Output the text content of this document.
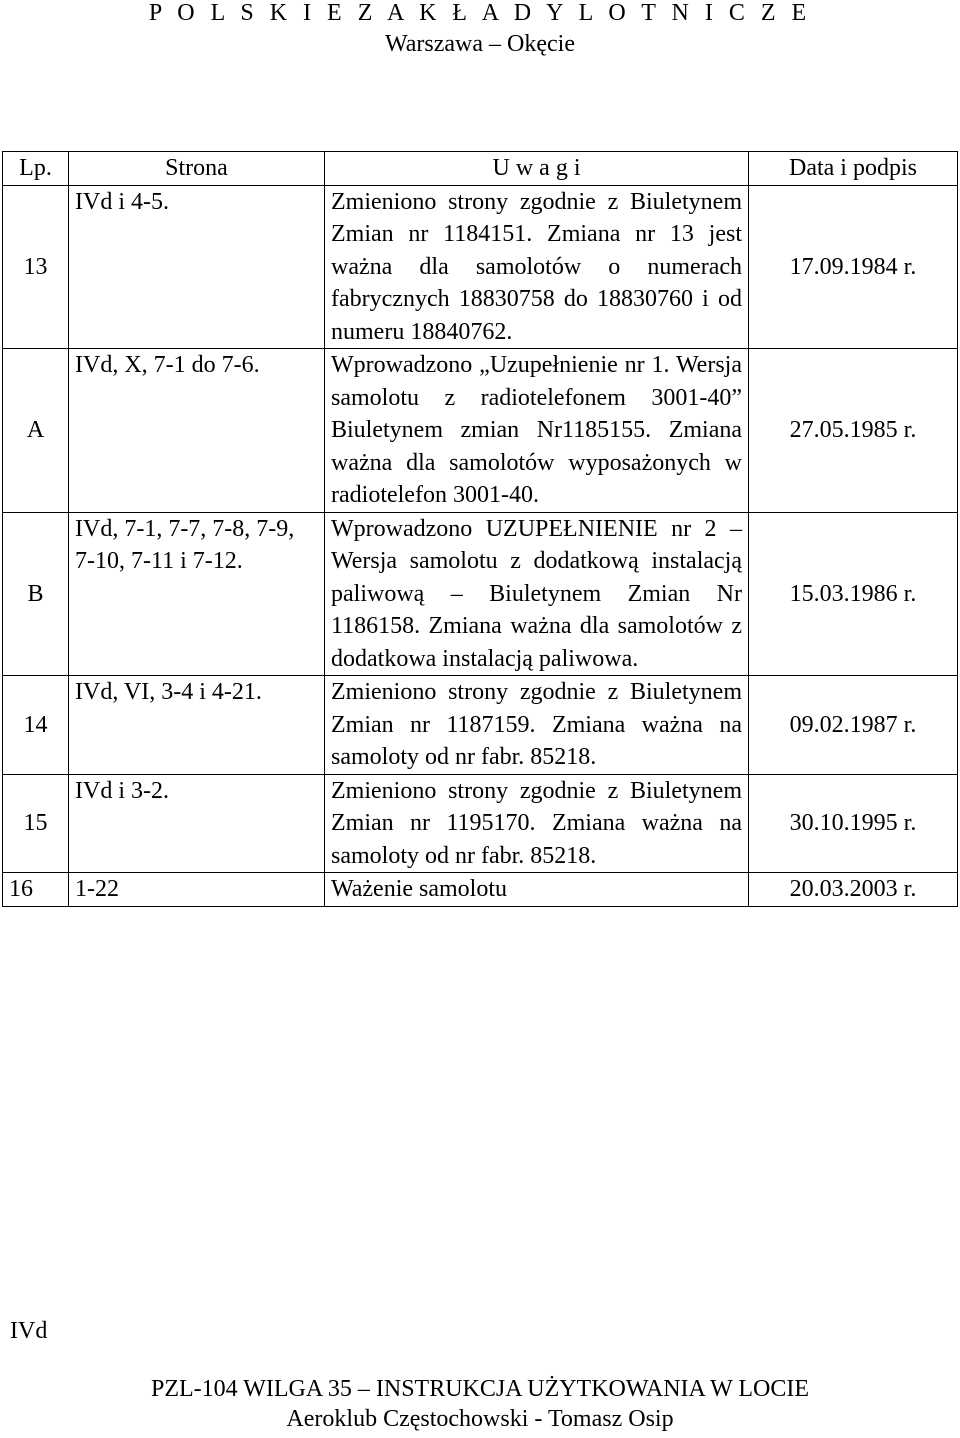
P O L S K I E Z A K Ł A D Y L O T N I C Z E
Warszawa – Okęcie
Lp.	Strona	U w a g i	Data i podpis
13	IVd i 4-5.	Zmieniono strony zgodnie z Biuletynem Zmian nr 1184151. Zmiana nr 13 jest ważna dla samolotów o numerach fabrycznych 18830758 do 18830760 i od numeru 18840762.	17.09.1984 r.
A	IVd, X, 7-1 do 7-6.	Wprowadzono „Uzupełnienie nr 1. Wersja samolotu z radiotelefonem 3001-40” Biuletynem zmian Nr1185155. Zmiana ważna dla samolotów wyposażonych w radiotelefon 3001-40.	27.05.1985 r.
B	IVd, 7-1, 7-7, 7-8, 7-9, 7-10, 7-11 i 7-12.	Wprowadzono UZUPEŁNIENIE nr 2 – Wersja samolotu z dodatkową instalacją paliwową – Biuletynem Zmian Nr 1186158. Zmiana ważna dla samolotów z dodatkowa instalacją paliwowa.	15.03.1986 r.
14	IVd, VI, 3-4 i 4-21.	Zmieniono strony zgodnie z Biuletynem Zmian nr 1187159. Zmiana ważna na samoloty od nr fabr. 85218.	09.02.1987 r.
15	IVd i 3-2.	Zmieniono strony zgodnie z Biuletynem Zmian nr 1195170. Zmiana ważna na samoloty od nr fabr. 85218.	30.10.1995 r.
16	1-22	Ważenie samolotu	20.03.2003 r.
IVd
PZL-104 WILGA 35 – INSTRUKCJA UŻYTKOWANIA W LOCIE
Aeroklub Częstochowski - Tomasz Osip
